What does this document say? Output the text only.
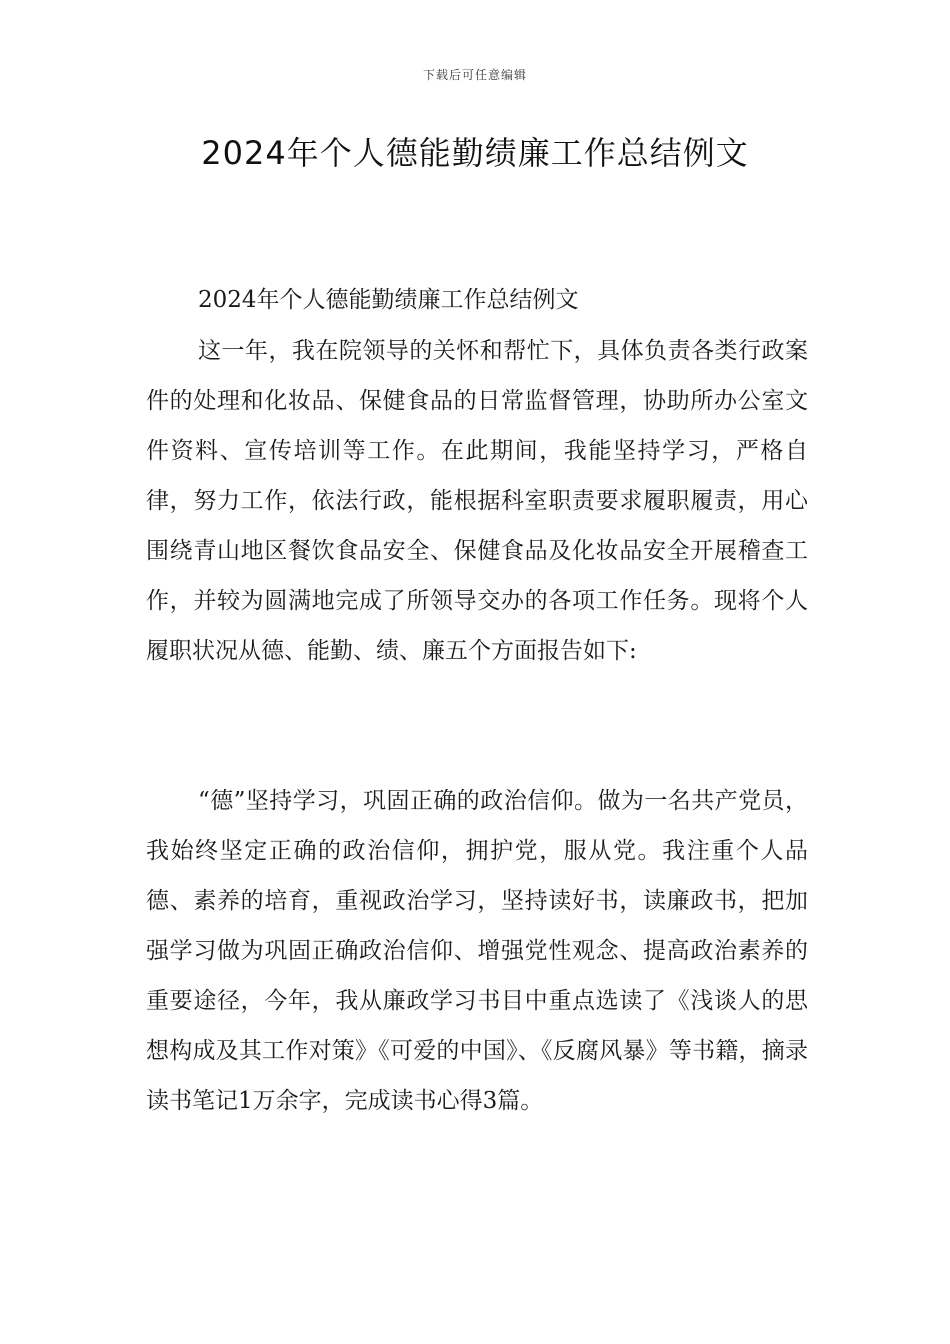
下载后可任意编辑
2024年个人德能勤绩廉工作总结例文

2024年个人德能勤绩廉工作总结例文

这一年，我在院领导的关怀和帮忙下，具体负责各类行政案件的处理和化妆品、保健食品的日常监督管理，协助所办公室文件资料、宣传培训等工作。在此期间，我能坚持学习，严格自律，努力工作，依法行政，能根据科室职责要求履职履责，用心围绕青山地区餐饮食品安全、保健食品及化妆品安全开展稽查工作，并较为圆满地完成了所领导交办的各项工作任务。现将个人履职状况从德、能勤、绩、廉五个方面报告如下:

“德”坚持学习，巩固正确的政治信仰。做为一名共产党员，我始终坚定正确的政治信仰，拥护党，服从党。我注重个人品德、素养的培育，重视政治学习，坚持读好书，读廉政书，把加强学习做为巩固正确政治信仰、增强党性观念、提高政治素养的重要途径，今年，我从廉政学习书目中重点选读了《浅谈人的思想构成及其工作对策》《可爱的中国》、《反腐风暴》等书籍，摘录读书笔记1万余字，完成读书心得3篇。
